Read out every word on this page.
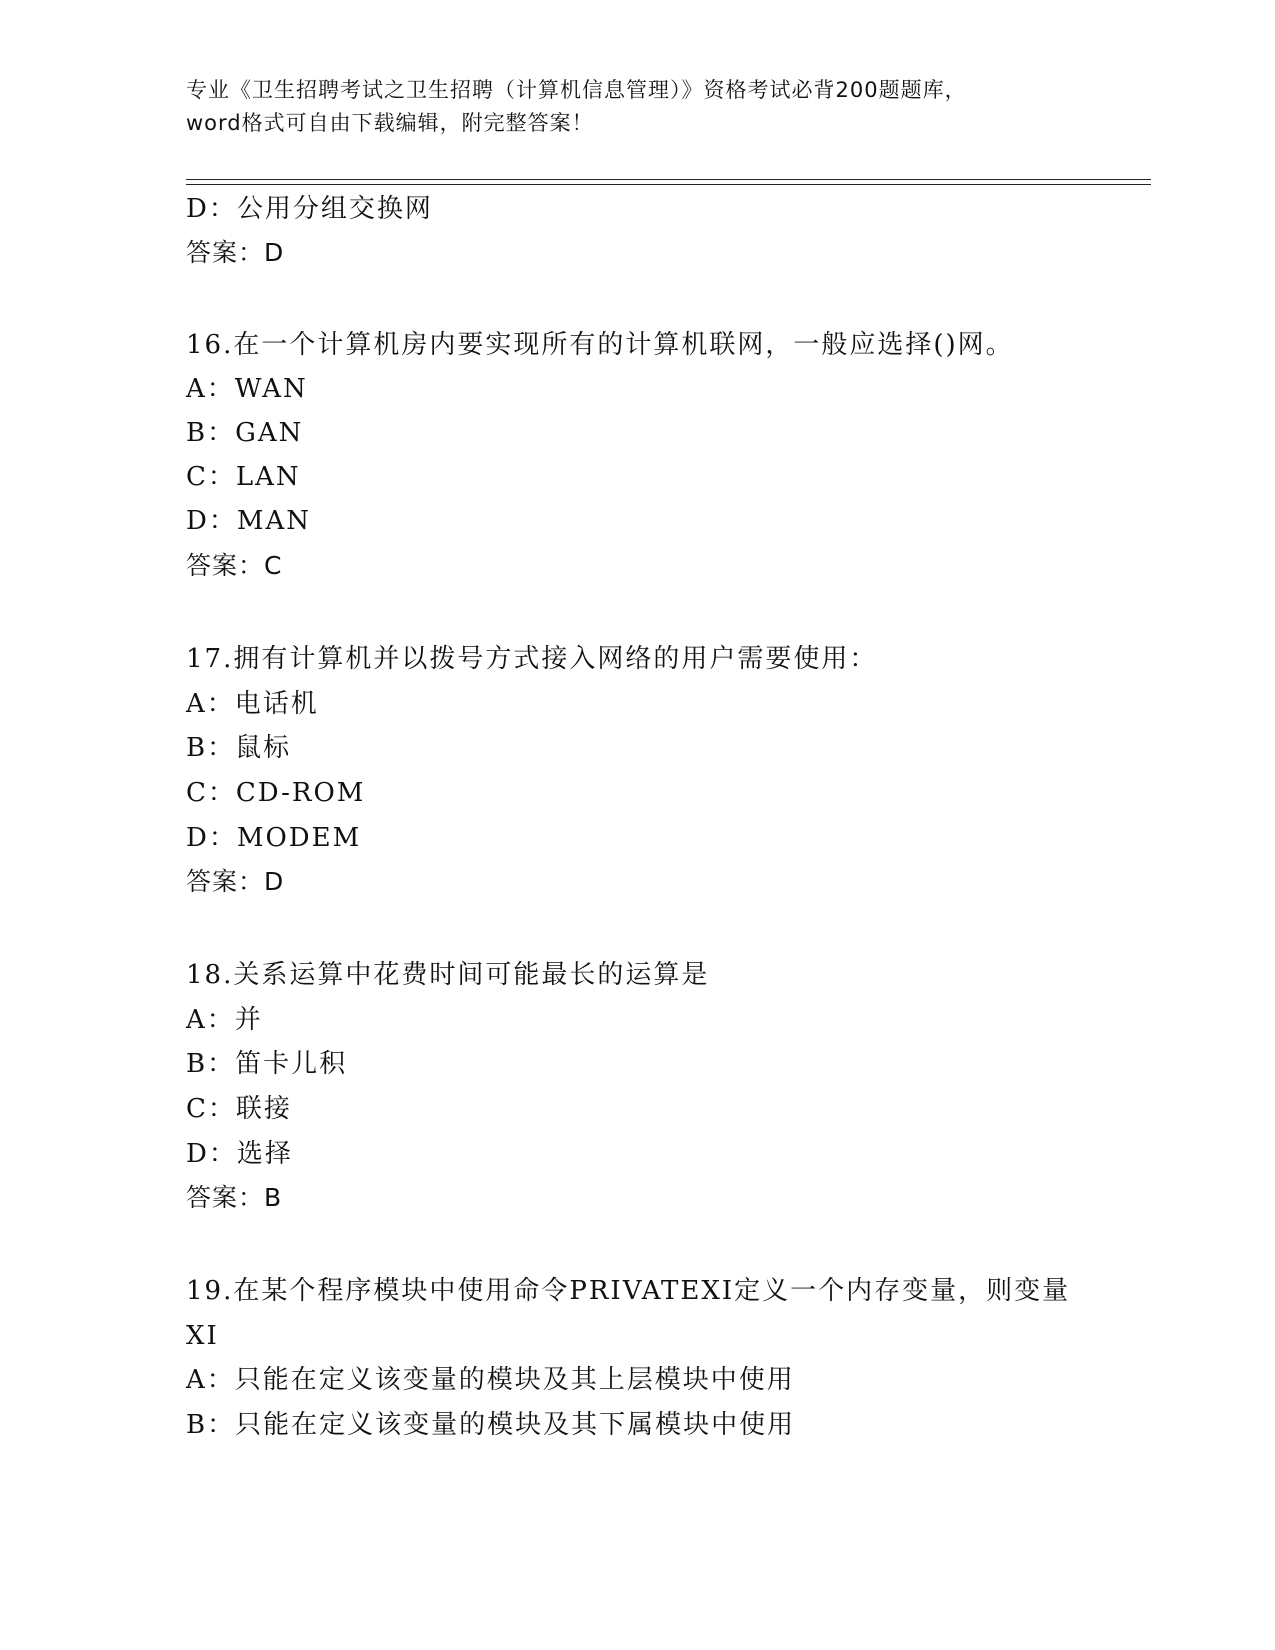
专业《卫生招聘考试之卫生招聘（计算机信息管理）》资格考试必背200题题库，
word格式可自由下载编辑，附完整答案！
D：公用分组交换网
答案：D
16.在一个计算机房内要实现所有的计算机联网，一般应选择()网。
A：WAN
B：GAN
C：LAN
D：MAN
答案：C
17.拥有计算机并以拨号方式接入网络的用户需要使用：
A：电话机
B：鼠标
C：CD-ROM
D：MODEM
答案：D
18.关系运算中花费时间可能最长的运算是
A：并
B：笛卡儿积
C：联接
D：选择
答案：B
19.在某个程序模块中使用命令PRIVATEXI定义一个内存变量，则变量
XI
A：只能在定义该变量的模块及其上层模块中使用
B：只能在定义该变量的模块及其下属模块中使用
